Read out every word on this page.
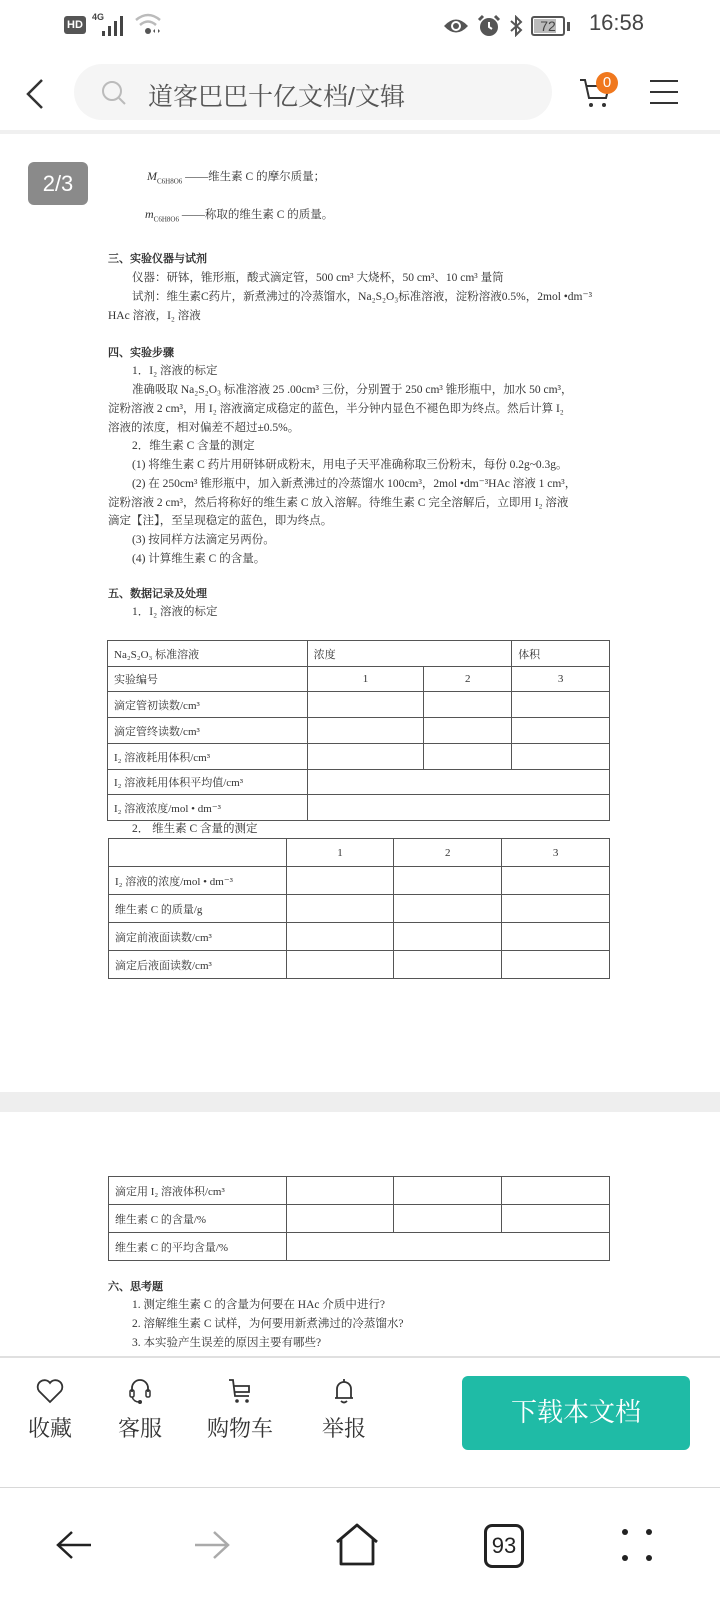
HD
4G
72	16:58
道客巴巴十亿文档/文辑
0
2/3	$M_{C6H8O6}$ ——维生素 C 的摩尔质量；
$m_{C6H8O6}$ ——称取的维生素 C 的质量。
三、实验仪器与试剂
仪器：研钵，锥形瓶，酸式滴定管，500 cm³ 大烧杯，50 cm³、10 cm³ 量筒
试剂：维生素C药片，新煮沸过的冷蒸馏水，Na₂S₂O₃标准溶液，淀粉溶液0.5%，2mol •dm⁻³
HAc 溶液，I₂ 溶液
四、实验步骤
1．I₂ 溶液的标定
准确吸取 Na₂S₂O₃ 标准溶液 25 .00cm³ 三份，分别置于 250 cm³ 锥形瓶中，加水 50 cm³，
淀粉溶液 2 cm³，用 I₂ 溶液滴定成稳定的蓝色，半分钟内显色不褪色即为终点。然后计算 I₂
溶液的浓度，相对偏差不超过±0.5%。
2．维生素 C 含量的测定
(1) 将维生素 C 药片用研钵研成粉末，用电子天平准确称取三份粉末，每份 0.2g~0.3g。
(2) 在 250cm³ 锥形瓶中，加入新煮沸过的冷蒸馏水 100cm³，2mol •dm⁻³HAc 溶液 1 cm³，
淀粉溶液 2 cm³，然后将称好的维生素 C 放入溶解。待维生素 C 完全溶解后，立即用 I₂ 溶液
滴定【注】，至呈现稳定的蓝色，即为终点。
(3) 按同样方法滴定另两份。
(4) 计算维生素 C 的含量。
五、数据记录及处理
1．I₂ 溶液的标定
Na₂S₂O₃ 标准溶液	浓度		体积
实验编号	1	2	3
滴定管初读数/cm³			
滴定管终读数/cm³			
I₂ 溶液耗用体积/cm³			
I₂ 溶液耗用体积平均值/cm³			
I₂ 溶液浓度/mol • dm⁻³			
2． 维生素 C 含量的测定
	1	2	3
I₂ 溶液的浓度/mol • dm⁻³			
维生素 C 的质量/g			
滴定前液面读数/cm³			
滴定后液面读数/cm³			
滴定用 I₂ 溶液体积/cm³			
维生素 C 的含量/%			
维生素 C 的平均含量/%			
六、思考题
1. 测定维生素 C 的含量为何要在 HAc 介质中进行?
2. 溶解维生素 C 试样，为何要用新煮沸过的冷蒸馏水?
3. 本实验产生误差的原因主要有哪些?
收藏	客服	购物车	举报
下载本文档
93
